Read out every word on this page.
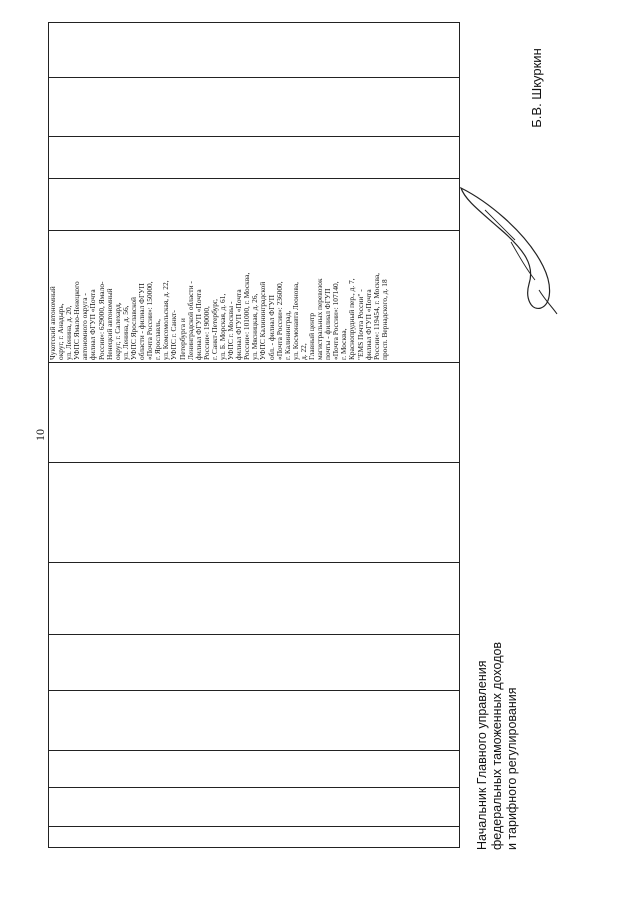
10
Чукотский автономный округ, г. Анадырь, ул. Ленина, д. 20, УФПС Ямало-Ненецкого автономного округа - филиал ФГУП «Почта России»: 629000, Ямало- Ненецкий автономный округ, г. Салехард, ул. Ленина, д. 56, УФПС Ярославской области - филиал ФГУП «Почта России»: 150000, г. Ярославль, ул. Комсомольская, д. 22, УФПС г. Санкт- Петербурга и Ленинградской области - филиал ФГУП «Почта России»: 190000, г. Санкт-Петербург, ул. Б. Морская, д. 61, УФПС г. Москвы - филиал ФГУП «Почта России»: 101000, г. Москва, ул. Мясницкая, д. 26, УФПС Калининградской обл. - филиал ФГУП «Почта России»: 236000, г. Калининград, ул. Космонавта Леонова, д. 22, Главный центр магистральных перевозок почты - филиал ФГУП «Почта России»: 107140, г. Москва, Краснопрудный пер., д. 7, "EMS Почта России" - филиал ФГУП «Почта России»: 119454, г. Москва, просп. Вернадского, д. 18
Начальник Главного управления федеральных таможенных доходов и тарифного регулирования
Б.В. Шкуркин
